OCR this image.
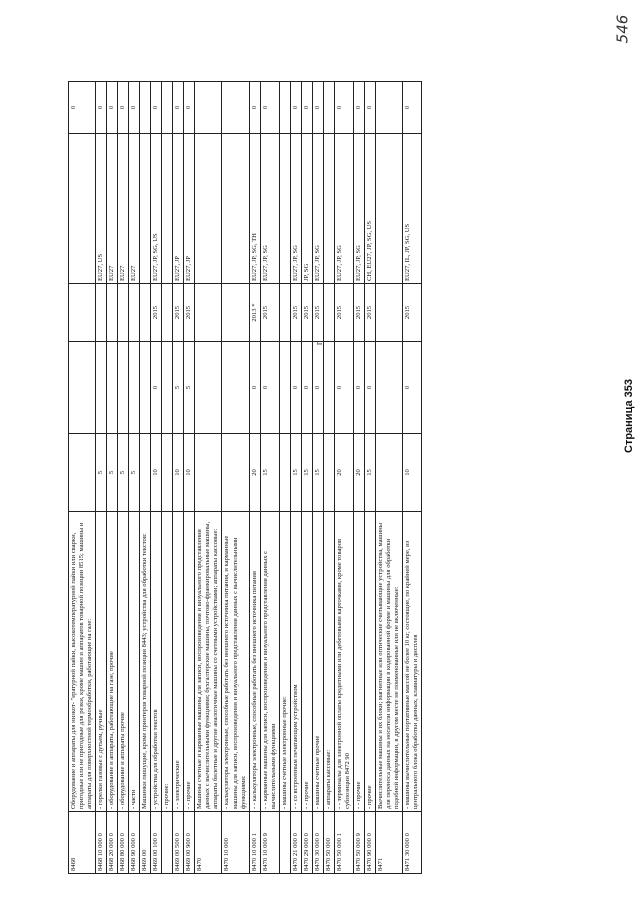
8468	Оборудование и аппараты для низкот- "ературной пайки, высокотемпературной пайки или сварки, пригодные или не пригодные для резки, кроме машин и аппаратов товарной позиции 8515; машины и аппараты для поверхностной термообработки, работающие на газе:					0
8468 10 000 0	- горелки газовые с дутьем, ручные	5			EU27, US	0
8468 20 000 0	- оборудование и аппараты, работающие на газе, прочие	5			EU27	0
8468 80 000 0	- оборудование и аппараты прочие	5			EU27	0
8468 90 000 0	- части	5			EU27	0
8469 00	Машинки пишущие, кроме принтеров товарной позиции 8443; устройства для обработки текстов:					
8469 00 100 0	- устройства для обработки текстов	10	0	2015	EU27, JP, SG, US	0
	- прочие:					
8469 00 500 0	- - электрические	10	5	2015	EU27, JP	0
8469 00 900 0	- - прочие	10	5	2015	EU27, JP	0
8470	Машины счетные и карманные машины для записи, воспроизведения и визуального представления данных с вычислительными функциями; бухгалтерские машины, почтово-франкировальные машины, аппараты билетные и другие аналогичные машины со счетными устройствами; аппараты кассовые:					
8470 10 000	- калькуляторы электронные, способные работать без внешнего источника питания, и карманные машины для записи, воспроизведения и визуального представления данных с вычислительными функциями:					
8470 10 000 1	- - калькуляторы электронные, способные работать без внешнего источника питания	20	0	2013 *	EU27, JP, SG, TH	0
8470 10 000 9	- - карманные машины для записи, воспроизведения и визуального представления данных с вычислительными функциями	15	0	2015	EU27, JP, SG	0
	- машины счетные электронные прочие:					
8470 21 000 0	- - со встроенным печатающим устройством	15	0	2015	EU27, JP, SG	0
8470 29 000 0	- - прочие	15	0	2015	JP, SG	0
8470 30 000 0	- машины счетные прочие	15	0	2015	EU27, JP, SG	0
8470 50 000	- аппараты кассовые:					
8470 50 000 1	- - терминалы для электронной оплаты кредитными или дебетовыми карточками, кроме товаров субпозиции 8472 90	20	0	2015	EU27, JP, SG	0
8470 50 000 9	- - прочие	20	0	2015	EU27, JP, SG	0
8470 90 000 0	- прочие	15	0	2015	CH, EU27, JP, SG, US	0
8471	Вычислительные машины и их блоки; магнитные или оптические считывающие устройства, машины для переноса данных на носители информации в кодированной форме и машины для обработки подобной информации, в другом месте не поименованные или не включенные:					
8471 30 000 0	- машины вычислительные портативные массой не более 10 кг, состоящие, по крайней мере, из центрального блока обработки данных, клавиатуры и дисплея	10	0	2015	EU27, IL, JP, SG, US	0
546
r
Страница 353
